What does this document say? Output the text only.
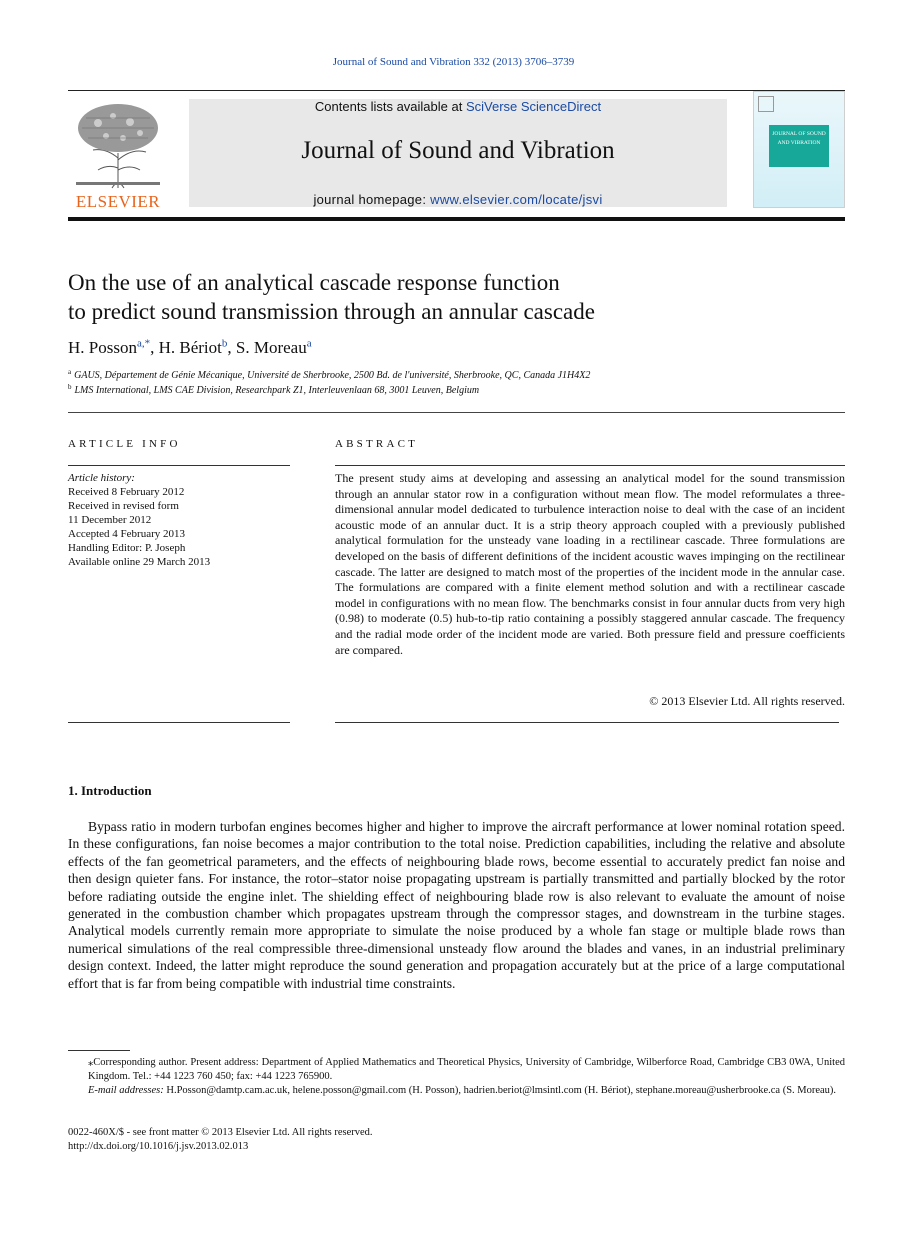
Journal of Sound and Vibration 332 (2013) 3706–3739
ELSEVIER
Contents lists available at SciVerse ScienceDirect
Journal of Sound and Vibration
journal homepage: www.elsevier.com/locate/jsvi
JOURNAL OF SOUND AND VIBRATION
On the use of an analytical cascade response function
to predict sound transmission through an annular cascade
H. Posson$^{a,*}$, H. Bériot$^b$, S. Moreau$^a$
$^a$ GAUS, Département de Génie Mécanique, Université de Sherbrooke, 2500 Bd. de l'université, Sherbrooke, QC, Canada J1H4X2
$^b$ LMS International, LMS CAE Division, Researchpark Z1, Interleuvenlaan 68, 3001 Leuven, Belgium
ARTICLE INFO
Article history:
Received 8 February 2012
Received in revised form
11 December 2012
Accepted 4 February 2013
Handling Editor: P. Joseph
Available online 29 March 2013
ABSTRACT
The present study aims at developing and assessing an analytical model for the sound transmission through an annular stator row in a configuration without mean flow. The model reformulates a three-dimensional annular model dedicated to turbulence interaction noise to deal with the case of an incident acoustic mode of an annular duct. It is a strip theory approach coupled with a previously published analytical formulation for the unsteady vane loading in a rectilinear cascade. Three formulations are developed on the basis of different definitions of the incident acoustic waves impinging on the rectilinear cascade. The latter are designed to match most of the properties of the incident mode in the annular case. The formulations are compared with a finite element method solution and with a rectilinear cascade model in configurations with no mean flow. The benchmarks consist in four annular ducts from very high (0.98) to moderate (0.5) hub-to-tip ratio containing a possibly staggered annular cascade. The frequency and the radial mode order of the incident mode are varied. Both pressure field and pressure coefficients are compared.
© 2013 Elsevier Ltd. All rights reserved.
1. Introduction
Bypass ratio in modern turbofan engines becomes higher and higher to improve the aircraft performance at lower nominal rotation speed. In these configurations, fan noise becomes a major contribution to the total noise. Prediction capabilities, including the relative and absolute effects of the fan geometrical parameters, and the effects of neighbouring blade rows, become essential to accurately predict fan noise and then design quieter fans. For instance, the rotor–stator noise propagating upstream is partially transmitted and partially blocked by the rotor before radiating outside the engine inlet. The shielding effect of neighbouring blade row is also relevant to evaluate the amount of noise generated in the combustion chamber which propagates upstream through the compressor stages, and downstream in the turbine stages. Analytical models currently remain more appropriate to simulate the noise produced by a whole fan stage or multiple blade rows than numerical simulations of the real compressible three-dimensional unsteady flow around the blades and vanes, in an industrial preliminary design context. Indeed, the latter might reproduce the sound generation and propagation accurately but at the price of a large computational effort that is far from being compatible with industrial time constraints.
⁎Corresponding author. Present address: Department of Applied Mathematics and Theoretical Physics, University of Cambridge, Wilberforce Road, Cambridge CB3 0WA, United Kingdom. Tel.: +44 1223 760 450; fax: +44 1223 765900.
E-mail addresses: H.Posson@damtp.cam.ac.uk, helene.posson@gmail.com (H. Posson), hadrien.beriot@lmsintl.com (H. Bériot), stephane.moreau@usherbrooke.ca (S. Moreau).
0022-460X/$ - see front matter © 2013 Elsevier Ltd. All rights reserved.
http://dx.doi.org/10.1016/j.jsv.2013.02.013
